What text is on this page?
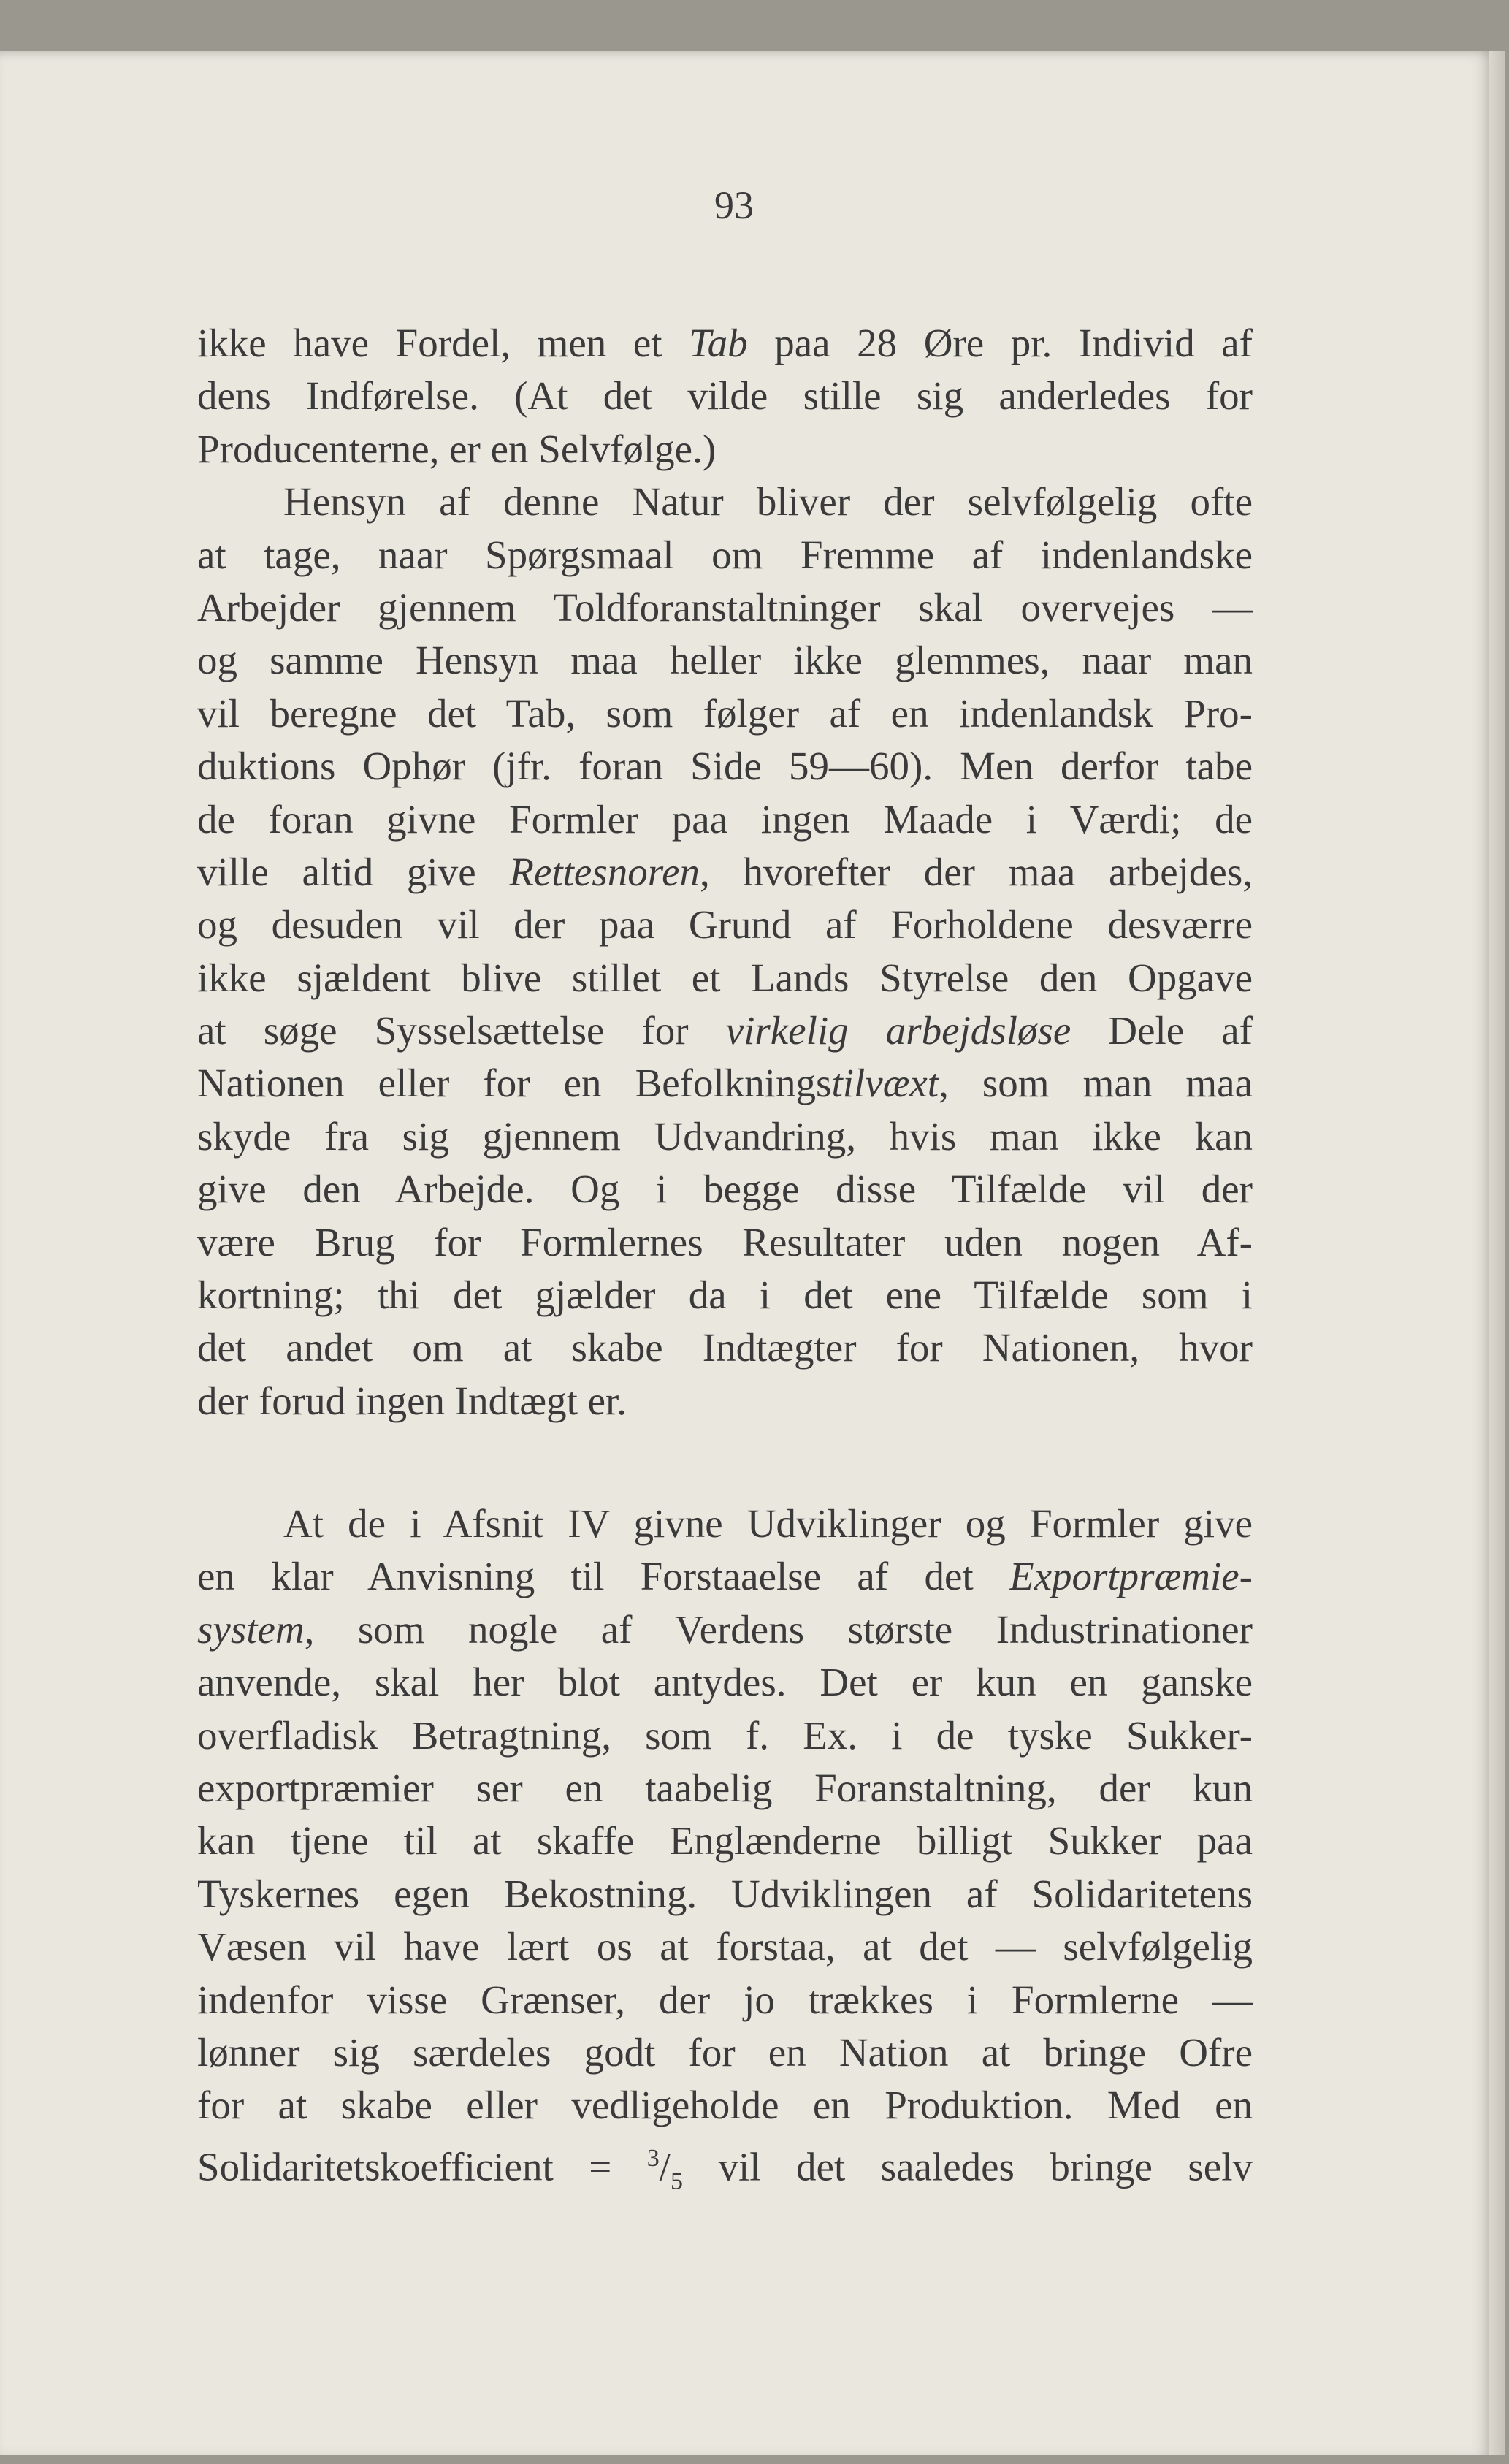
93
ikke have Fordel, men et Tab paa 28 Øre pr. Individ af
dens Indførelse. (At det vilde stille sig anderledes for
Producenterne, er en Selvfølge.)
Hensyn af denne Natur bliver der selvfølgelig ofte
at tage, naar Spørgsmaal om Fremme af indenlandske
Arbejder gjennem Toldforanstaltninger skal overvejes —
og samme Hensyn maa heller ikke glemmes, naar man
vil beregne det Tab, som følger af en indenlandsk Pro-
duktions Ophør (jfr. foran Side 59—60). Men derfor tabe
de foran givne Formler paa ingen Maade i Værdi; de
ville altid give Rettesnoren, hvorefter der maa arbejdes,
og desuden vil der paa Grund af Forholdene desværre
ikke sjældent blive stillet et Lands Styrelse den Opgave
at søge Sysselsættelse for virkelig arbejdsløse Dele af
Nationen eller for en Befolkningstilvæxt, som man maa
skyde fra sig gjennem Udvandring, hvis man ikke kan
give den Arbejde. Og i begge disse Tilfælde vil der
være Brug for Formlernes Resultater uden nogen Af-
kortning; thi det gjælder da i det ene Tilfælde som i
det andet om at skabe Indtægter for Nationen, hvor
der forud ingen Indtægt er.
At de i Afsnit IV givne Udviklinger og Formler give
en klar Anvisning til Forstaaelse af det Exportpræmie-
system, som nogle af Verdens største Industrinationer
anvende, skal her blot antydes. Det er kun en ganske
overfladisk Betragtning, som f. Ex. i de tyske Sukker-
exportpræmier ser en taabelig Foranstaltning, der kun
kan tjene til at skaffe Englænderne billigt Sukker paa
Tyskernes egen Bekostning. Udviklingen af Solidaritetens
Væsen vil have lært os at forstaa, at det — selvfølgelig
indenfor visse Grænser, der jo trækkes i Formlerne —
lønner sig særdeles godt for en Nation at bringe Ofre
for at skabe eller vedligeholde en Produktion. Med en
Solidaritetskoefficient = $^3/_5$ vil det saaledes bringe selv
